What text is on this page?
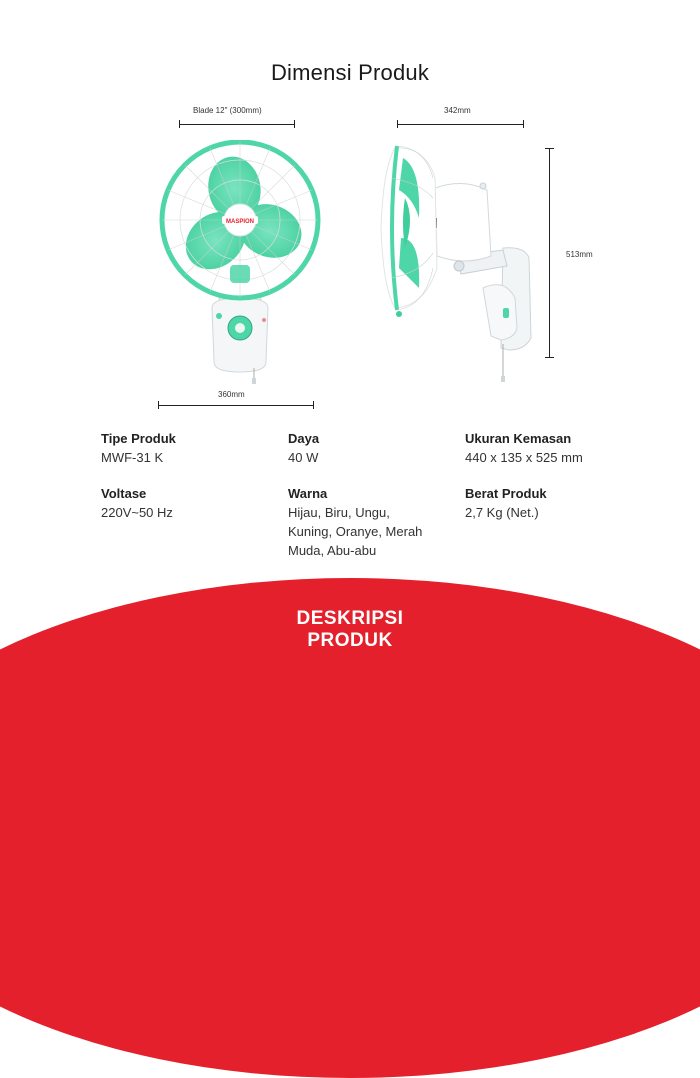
Dimensi Produk
Blade 12" (300mm)
360mm
342mm
513mm
MASPION
Tipe Produk
MWF-31 K
Daya
40 W
Ukuran Kemasan
440 x 135 x 525 mm
Voltase
220V~50 Hz
Warna
Hijau, Biru, Ungu,
Kuning, Oranye, Merah
Muda, Abu-abu
Berat Produk
2,7 Kg (Net.)
DESKRIPSI
PRODUK
